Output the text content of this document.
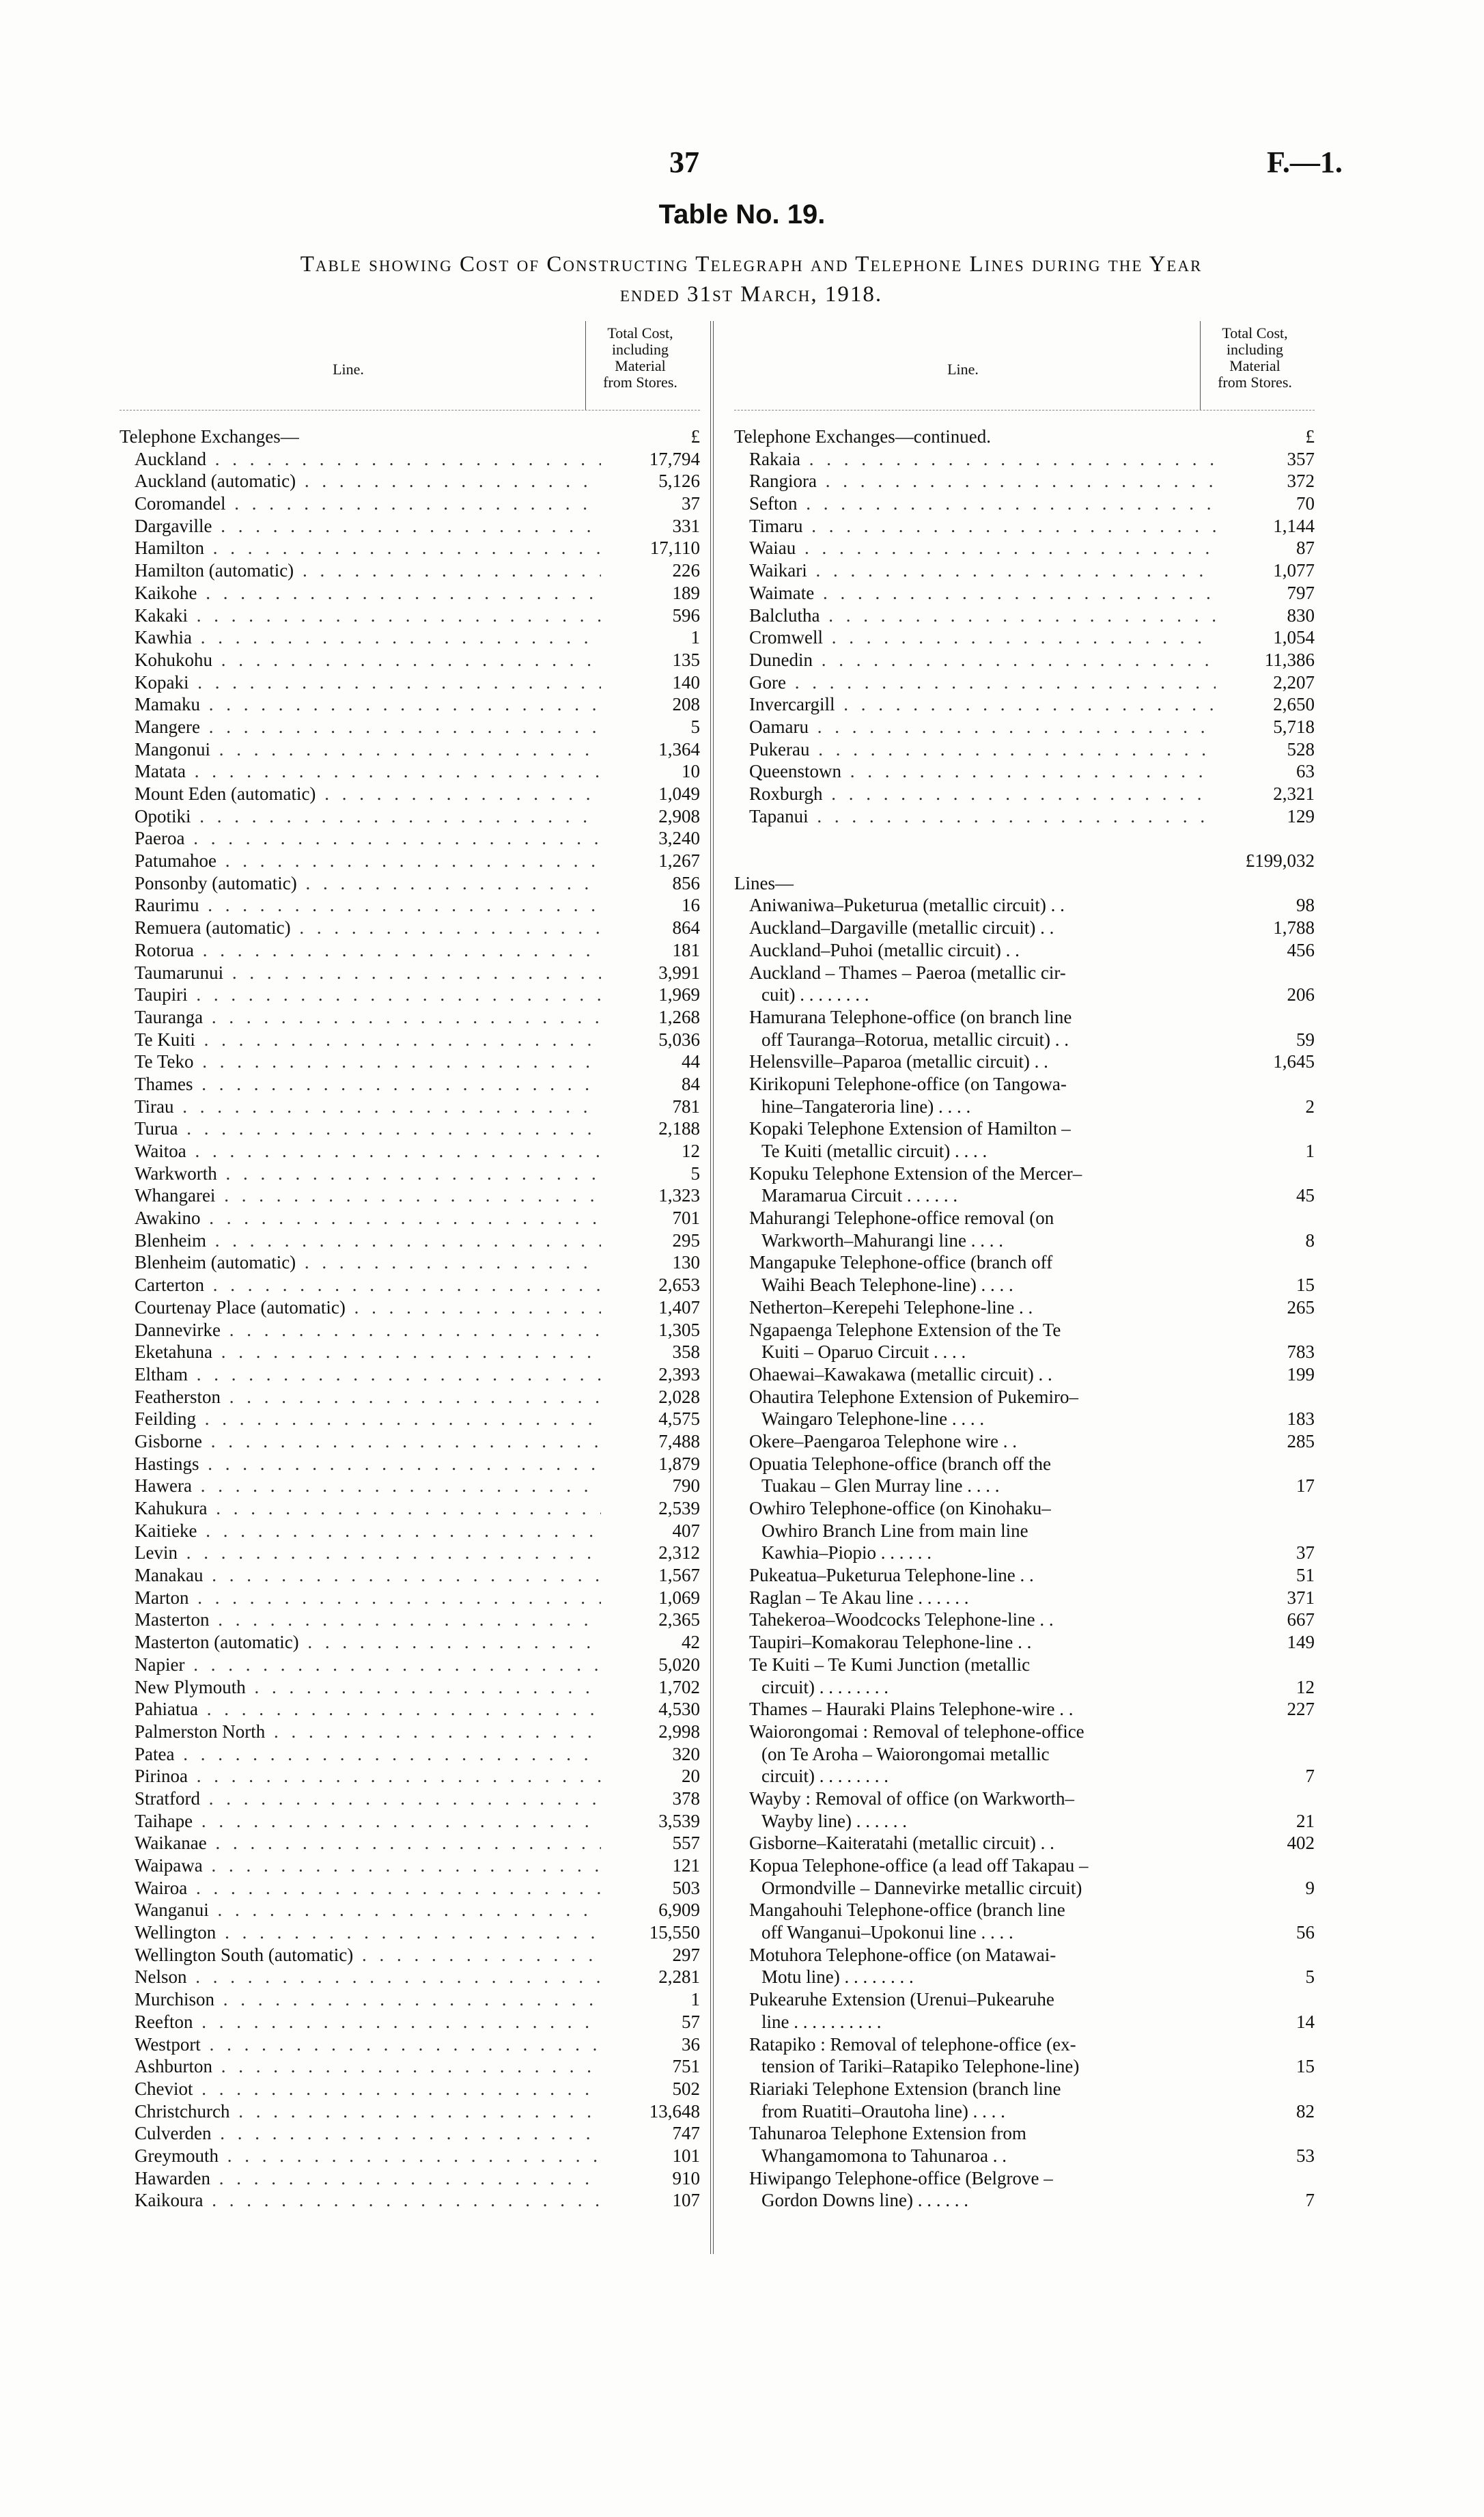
37	F.—1.
Table No. 19.
Table showing Cost of Constructing Telegraph and Telephone Lines during the Year
ended 31st March, 1918.
Line.
Total Cost,
including
Material
from Stores.
Telephone Exchanges—	£
Auckland . .	17,794
Auckland (automatic) . .	5,126
Coromandel . .	37
Dargaville . .	331
Hamilton . .	17,110
Hamilton (automatic) . .	226
Kaikohe . .	189
Kakaki . .	596
Kawhia . .	1
Kohukohu . .	135
Kopaki . .	140
Mamaku . .	208
Mangere . .	5
Mangonui . .	1,364
Matata . .	10
Mount Eden (automatic) . .	1,049
Opotiki . .	2,908
Paeroa . .	3,240
Patumahoe . .	1,267
Ponsonby (automatic) . .	856
Raurimu . .	16
Remuera (automatic) . .	864
Rotorua . .	181
Taumarunui . .	3,991
Taupiri . .	1,969
Tauranga . .	1,268
Te Kuiti . .	5,036
Te Teko . .	44
Thames . .	84
Tirau . .	781
Turua . .	2,188
Waitoa . .	12
Warkworth . .	5
Whangarei . .	1,323
Awakino . .	701
Blenheim . .	295
Blenheim (automatic) . .	130
Carterton . .	2,653
Courtenay Place (automatic) . .	1,407
Dannevirke . .	1,305
Eketahuna . .	358
Eltham . .	2,393
Featherston . .	2,028
Feilding . .	4,575
Gisborne . .	7,488
Hastings . .	1,879
Hawera . .	790
Kahukura . .	2,539
Kaitieke . .	407
Levin . .	2,312
Manakau . .	1,567
Marton . .	1,069
Masterton . .	2,365
Masterton (automatic) . .	42
Napier . .	5,020
New Plymouth . .	1,702
Pahiatua . .	4,530
Palmerston North . .	2,998
Patea . .	320
Pirinoa . .	20
Stratford . .	378
Taihape . .	3,539
Waikanae . .	557
Waipawa . .	121
Wairoa . .	503
Wanganui . .	6,909
Wellington . .	15,550
Wellington South (automatic) . .	297
Nelson . .	2,281
Murchison . .	1
Reefton . .	57
Westport . .	36
Ashburton . .	751
Cheviot . .	502
Christchurch . .	13,648
Culverden . .	747
Greymouth . .	101
Hawarden . .	910
Kaikoura . .	107
Line.
Total Cost,
including
Material
from Stores.
Telephone Exchanges—continued.	£
Rakaia . .	357
Rangiora . .	372
Sefton . .	70
Timaru . .	1,144
Waiau . .	87
Waikari . .	1,077
Waimate . .	797
Balclutha . .	830
Cromwell . .	1,054
Dunedin . .	11,386
Gore . .	2,207
Invercargill . .	2,650
Oamaru . .	5,718
Pukerau . .	528
Queenstown . .	63
Roxburgh . .	2,321
Tapanui . .	129
£199,032
Lines—
Aniwaniwa–Puketurua (metallic circuit) . .	98
Auckland–Dargaville (metallic circuit) . .	1,788
Auckland–Puhoi (metallic circuit) . .	456
Auckland – Thames – Paeroa (metallic cir-
cuit) . . . . . . . .	206
Hamurana Telephone-office (on branch line
off Tauranga–Rotorua, metallic circuit) . .	59
Helensville–Paparoa (metallic circuit) . .	1,645
Kirikopuni Telephone-office (on Tangowa-
hine–Tangateroria line) . . . .	2
Kopaki Telephone Extension of Hamilton –
Te Kuiti (metallic circuit) . . . .	1
Kopuku Telephone Extension of the Mercer–
Maramarua Circuit . . . . . .	45
Mahurangi Telephone-office removal (on
Warkworth–Mahurangi line . . . .	8
Mangapuke Telephone-office (branch off
Waihi Beach Telephone-line) . . . .	15
Netherton–Kerepehi Telephone-line . .	265
Ngapaenga Telephone Extension of the Te
Kuiti – Oparuo Circuit . . . .	783
Ohaewai–Kawakawa (metallic circuit) . .	199
Ohautira Telephone Extension of Pukemiro–
Waingaro Telephone-line . . . .	183
Okere–Paengaroa Telephone wire . .	285
Opuatia Telephone-office (branch off the
Tuakau – Glen Murray line . . . .	17
Owhiro Telephone-office (on Kinohaku–
Owhiro Branch Line from main line
Kawhia–Piopio . . . . . .	37
Pukeatua–Puketurua Telephone-line . .	51
Raglan – Te Akau line . . . . . .	371
Tahekeroa–Woodcocks Telephone-line . .	667
Taupiri–Komakorau Telephone-line . .	149
Te Kuiti – Te Kumi Junction (metallic
circuit) . . . . . . . .	12
Thames – Hauraki Plains Telephone-wire . .	227
Waiorongomai : Removal of telephone-office
(on Te Aroha – Waiorongomai metallic
circuit) . . . . . . . .	7
Wayby : Removal of office (on Warkworth–
Wayby line) . . . . . .	21
Gisborne–Kaiteratahi (metallic circuit) . .	402
Kopua Telephone-office (a lead off Takapau –
Ormondville – Dannevirke metallic circuit)	9
Mangahouhi Telephone-office (branch line
off Wanganui–Upokonui line . . . .	56
Motuhora Telephone-office (on Matawai-
Motu line) . . . . . . . .	5
Pukearuhe Extension (Urenui–Pukearuhe
line . . . . . . . . . .	14
Ratapiko : Removal of telephone-office (ex-
tension of Tariki–Ratapiko Telephone-line)	15
Riariaki Telephone Extension (branch line
from Ruatiti–Orautoha line) . . . .	82
Tahunaroa Telephone Extension from
Whangamomona to Tahunaroa . .	53
Hiwipango Telephone-office (Belgrove –
Gordon Downs line) . . . . . .	7
